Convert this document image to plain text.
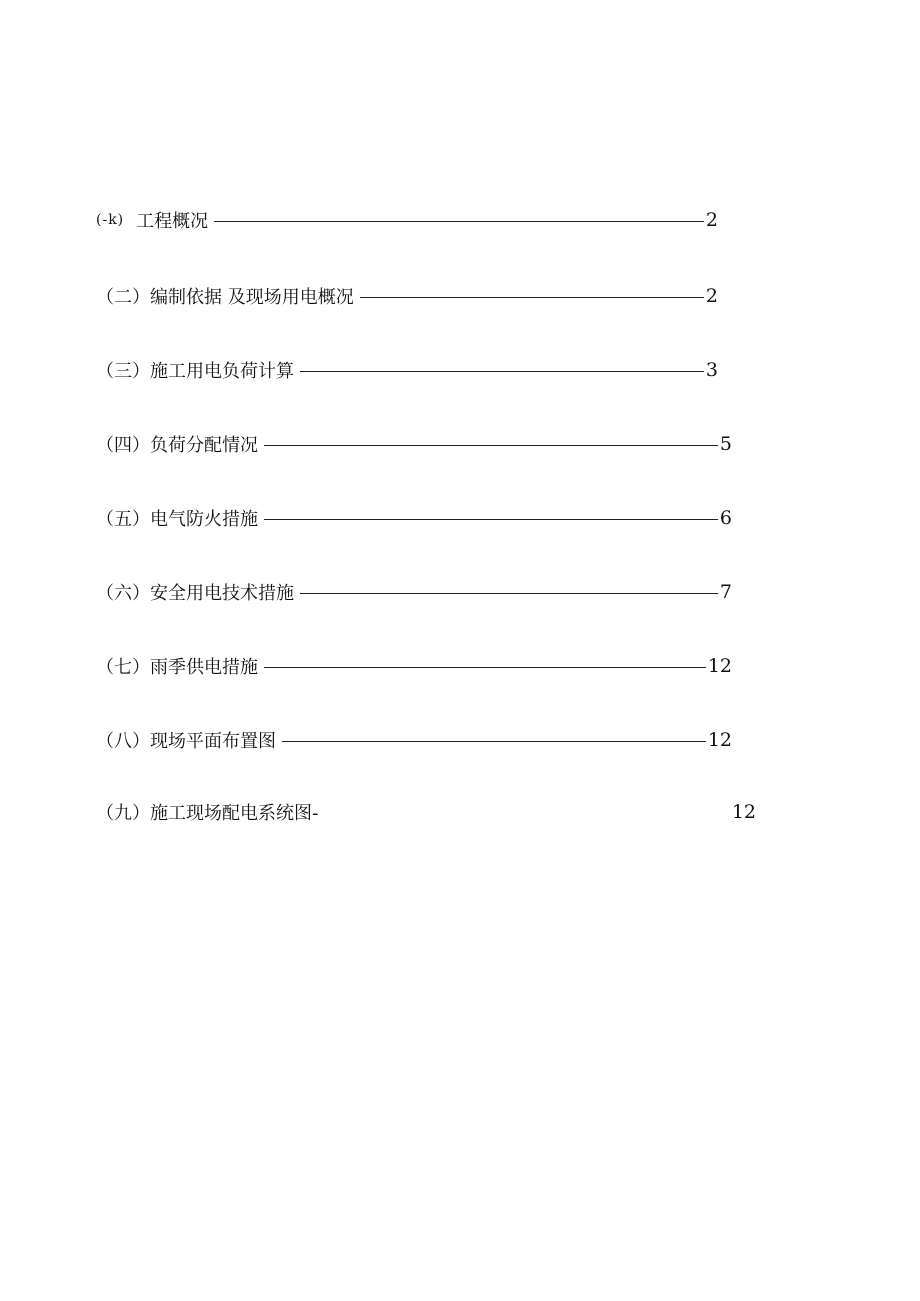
(-k) 工程概况	2
（二） 编制依据 及现场用电概况	2
（三） 施工用电负荷计算	3
（四） 负荷分配情况	5
（五） 电气防火措施	6
（六） 安全用电技术措施	7
（七） 雨季供电措施	12
（八） 现场平面布置图	12
（九） 施工现场配电系统图-	12
